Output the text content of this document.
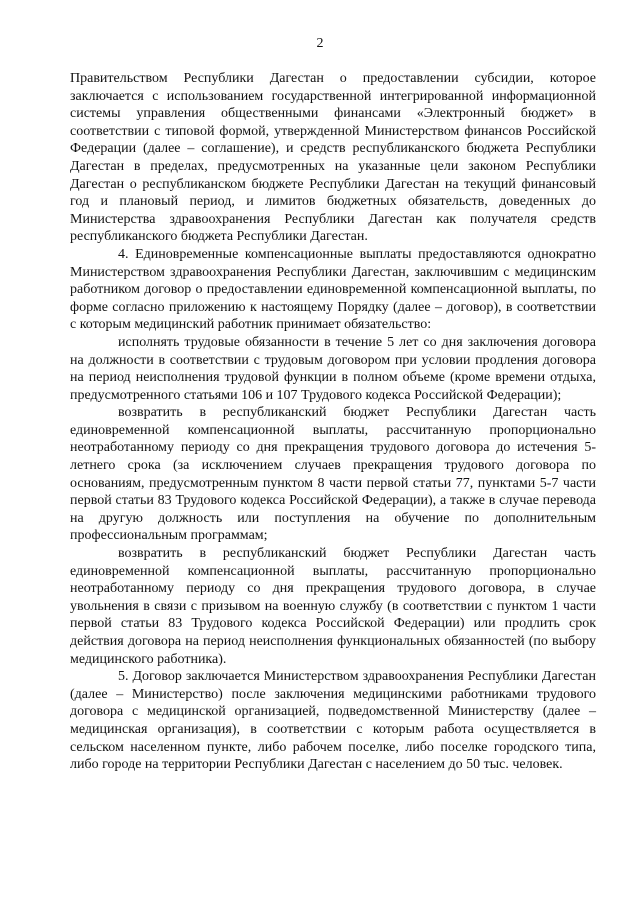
2

Правительством Республики Дагестан о предоставлении субсидии, которое заключается с использованием государственной интегрированной информационной системы управления общественными финансами «Электронный бюджет» в соответствии с типовой формой, утвержденной Министерством финансов Российской Федерации (далее – соглашение), и средств республиканского бюджета Республики Дагестан в пределах, предусмотренных на указанные цели законом Республики Дагестан о республиканском бюджете Республики Дагестан на текущий финансовый год и плановый период, и лимитов бюджетных обязательств, доведенных до Министерства здравоохранения Республики Дагестан как получателя средств республиканского бюджета Республики Дагестан.

4. Единовременные компенсационные выплаты предоставляются однократно Министерством здравоохранения Республики Дагестан, заключившим с медицинским работником договор о предоставлении единовременной компенсационной выплаты, по форме согласно приложению к настоящему Порядку (далее – договор), в соответствии с которым медицинский работник принимает обязательство:

исполнять трудовые обязанности в течение 5 лет со дня заключения договора на должности в соответствии с трудовым договором при условии продления договора на период неисполнения трудовой функции в полном объеме (кроме времени отдыха, предусмотренного статьями 106 и 107 Трудового кодекса Российской Федерации);

возвратить в республиканский бюджет Республики Дагестан часть единовременной компенсационной выплаты, рассчитанную пропорционально неотработанному периоду со дня прекращения трудового договора до истечения 5-летнего срока (за исключением случаев прекращения трудового договора по основаниям, предусмотренным пунктом 8 части первой статьи 77, пунктами 5-7 части первой статьи 83 Трудового кодекса Российской Федерации), а также в случае перевода на другую должность или поступления на обучение по дополнительным профессиональным программам;

возвратить в республиканский бюджет Республики Дагестан часть единовременной компенсационной выплаты, рассчитанную пропорционально неотработанному периоду со дня прекращения трудового договора, в случае увольнения в связи с призывом на военную службу (в соответствии с пунктом 1 части первой статьи 83 Трудового кодекса Российской Федерации) или продлить срок действия договора на период неисполнения функциональных обязанностей (по выбору медицинского работника).

5. Договор заключается Министерством здравоохранения Республики Дагестан (далее – Министерство) после заключения медицинскими работниками трудового договора с медицинской организацией, подведомственной Министерству (далее – медицинская организация), в соответствии с которым работа осуществляется в сельском населенном пункте, либо рабочем поселке, либо поселке городского типа, либо городе на территории Республики Дагестан с населением до 50 тыс. человек.
